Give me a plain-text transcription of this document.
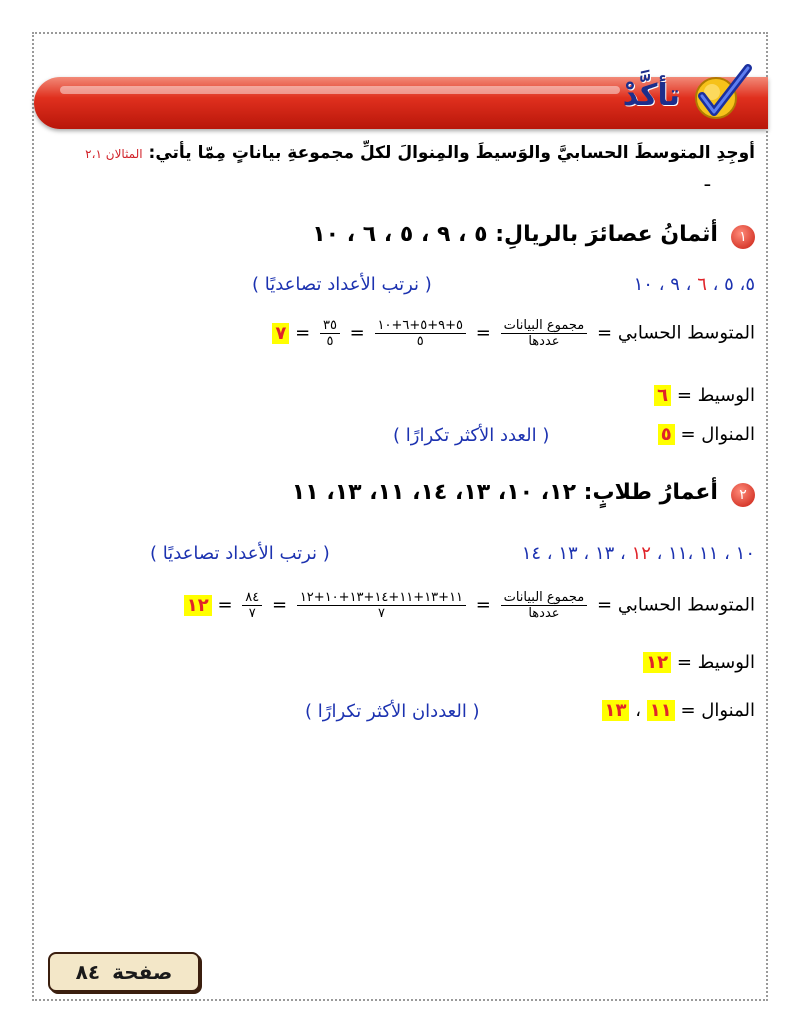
تأكَّدْ
أوجِدِ المتوسطَ الحسابيَّ والوَسيطَ والمِنوالَ لكلِّ مجموعةِ بياناتٍ مِمّا يأتي: المثالان ٢،١
ـ
١ أثمانُ عصائرَ بالريالِ: ٥ ، ٩ ، ٥ ، ٦ ، ١٠
٥، ٥ ، ٦ ، ٩ ، ١٠
( نرتب الأعداد تصاعديًا )
المتوسط الحسابي =
$\frac{\text{مجموع البيانات}}{\text{عددها}}$
=
$\frac{٥+٩+٥+٦+١٠}{٥}$
=
$\frac{٣٥}{٥}$
= ٧
الوسيط = ٦
المنوال = ٥
( العدد الأكثر تكرارًا )
٢ أعمارُ طلابٍ: ١٢، ١٠، ١٣، ١٤، ١١، ١٣، ١١
١٠ ، ١١ ،١١ ، ١٢ ، ١٣ ، ١٣ ، ١٤
( نرتب الأعداد تصاعديًا )
المتوسط الحسابي =
$\frac{\text{مجموع البيانات}}{\text{عددها}}$
=
$\frac{١١+١٣+١١+١٤+١٣+١٠+١٢}{٧}$
=
$\frac{٨٤}{٧}$
= ١٢
الوسيط = ١٢
المنوال = ١١ ، ١٣
( العددان الأكثر تكرارًا )
صفحة
٨٤
